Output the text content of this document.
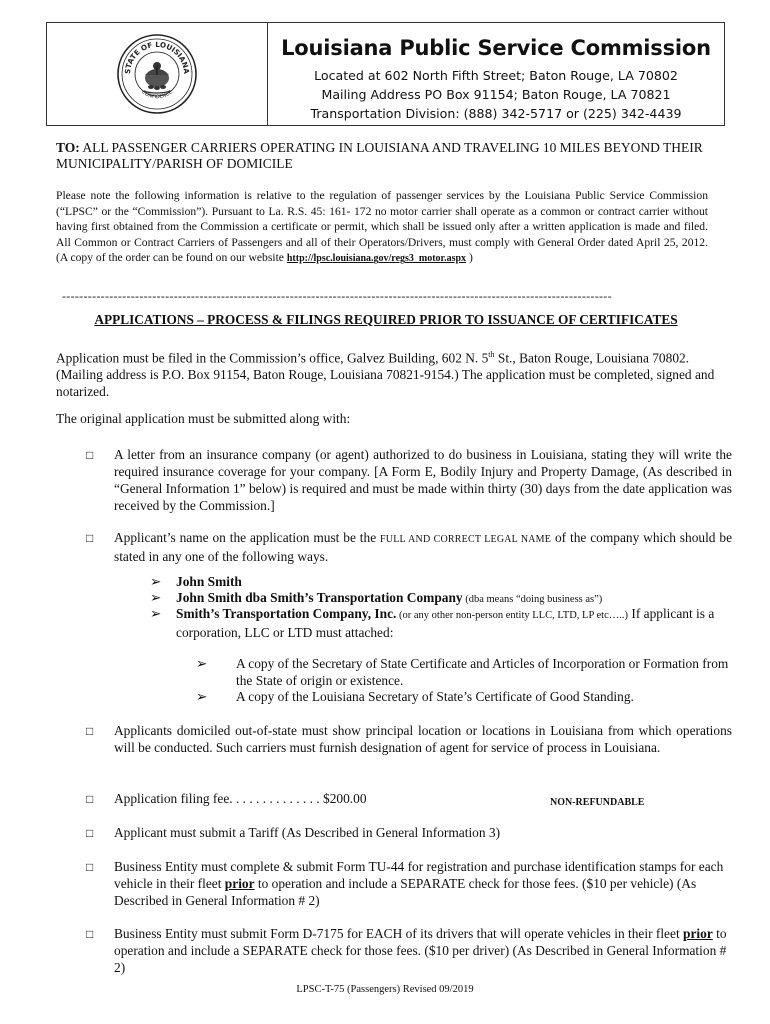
STATE OF LOUISIANA
CONFIDENCE
Louisiana Public Service Commission
Located at 602 North Fifth Street; Baton Rouge, LA 70802
Mailing Address PO Box 91154; Baton Rouge, LA 70821
Transportation Division: (888) 342-5717 or (225) 342-4439
TO: ALL PASSENGER CARRIERS OPERATING IN LOUISIANA AND TRAVELING 10 MILES BEYOND THEIR MUNICIPALITY/PARISH OF DOMICILE
Please note the following information is relative to the regulation of passenger services by the Louisiana Public Service Commission (“LPSC” or the “Commission”). Pursuant to La. R.S. 45: 161- 172 no motor carrier shall operate as a common or contract carrier without having first obtained from the Commission a certificate or permit, which shall be issued only after a written application is made and filed. All Common or Contract Carriers of Passengers and all of their Operators/Drivers, must comply with General Order dated April 25, 2012. (A copy of the order can be found on our website http://lpsc.louisiana.gov/regs3_motor.aspx )
--------------------------------------------------------------------------------------------------------------------------------
APPLICATIONS – PROCESS & FILINGS REQUIRED PRIOR TO ISSUANCE OF CERTIFICATES
Application must be filed in the Commission’s office, Galvez Building, 602 N. 5th St., Baton Rouge, Louisiana 70802. (Mailing address is P.O. Box 91154, Baton Rouge, Louisiana 70821-9154.) The application must be completed, signed and notarized.
The original application must be submitted along with:
□ A letter from an insurance company (or agent) authorized to do business in Louisiana, stating they will write the required insurance coverage for your company. [A Form E, Bodily Injury and Property Damage, (As described in “General Information 1” below) is required and must be made within thirty (30) days from the date application was received by the Commission.]
□ Applicant’s name on the application must be the FULL AND CORRECT LEGAL NAME of the company which should be stated in any one of the following ways.
➢ John Smith
➢ John Smith dba Smith’s Transportation Company (dba means “doing business as”)
➢ Smith’s Transportation Company, Inc. (or any other non-person entity LLC, LTD, LP etc…..) If applicant is a corporation, LLC or LTD must attached:
➢ A copy of the Secretary of State Certificate and Articles of Incorporation or Formation from the State of origin or existence.
➢ A copy of the Louisiana Secretary of State’s Certificate of Good Standing.
□ Applicants domiciled out-of-state must show principal location or locations in Louisiana from which operations will be conducted. Such carriers must furnish designation of agent for service of process in Louisiana.
□ Application filing fee. . . . . . . . . . . . . . $200.00	NON-REFUNDABLE
□ Applicant must submit a Tariff (As Described in General Information 3)
□ Business Entity must complete & submit Form TU-44 for registration and purchase identification stamps for each vehicle in their fleet prior to operation and include a SEPARATE check for those fees. ($10 per vehicle) (As Described in General Information # 2)
□ Business Entity must submit Form D-7175 for EACH of its drivers that will operate vehicles in their fleet prior to operation and include a SEPARATE check for those fees. ($10 per driver) (As Described in General Information # 2)
LPSC-T-75 (Passengers) Revised 09/2019
